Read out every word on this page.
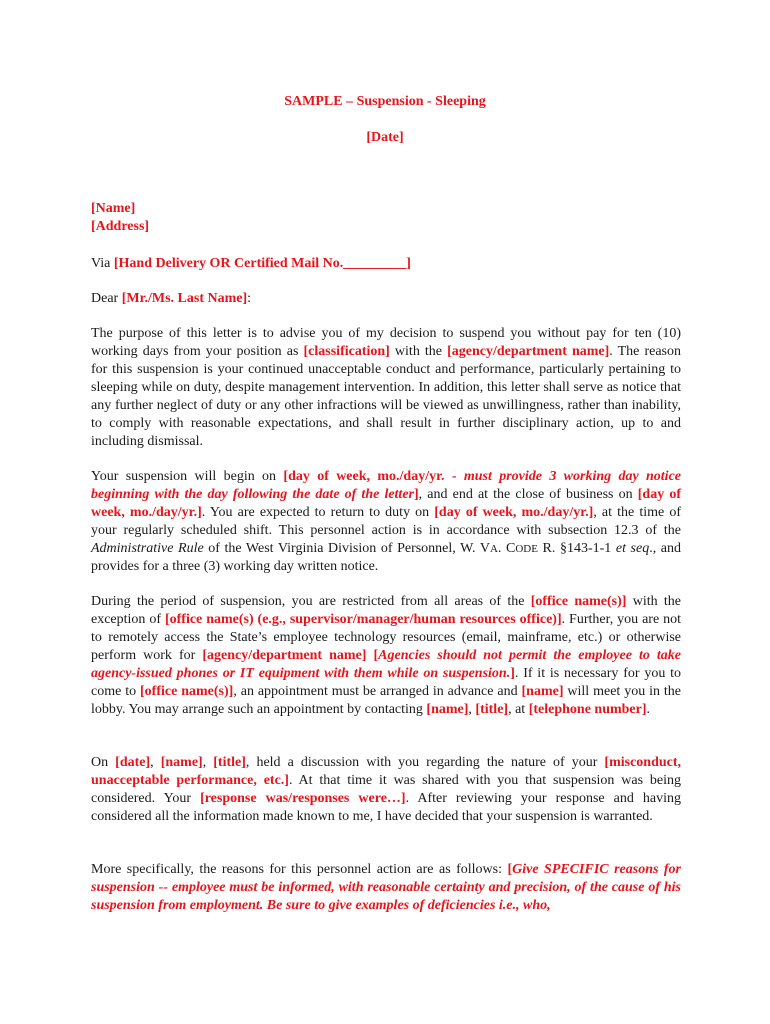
SAMPLE – Suspension - Sleeping
[Date]
[Name]
[Address]
Via [Hand Delivery OR Certified Mail No._________]
Dear [Mr./Ms. Last Name]:
The purpose of this letter is to advise you of my decision to suspend you without pay for ten (10) working days from your position as [classification] with the [agency/department name]. The reason for this suspension is your continued unacceptable conduct and performance, particularly pertaining to sleeping while on duty, despite management intervention. In addition, this letter shall serve as notice that any further neglect of duty or any other infractions will be viewed as unwillingness, rather than inability, to comply with reasonable expectations, and shall result in further disciplinary action, up to and including dismissal.
Your suspension will begin on [day of week, mo./day/yr. - must provide 3 working day notice beginning with the day following the date of the letter], and end at the close of business on [day of week, mo./day/yr.]. You are expected to return to duty on [day of week, mo./day/yr.], at the time of your regularly scheduled shift. This personnel action is in accordance with subsection 12.3 of the Administrative Rule of the West Virginia Division of Personnel, W. VA. CODE R. §143-1-1 et seq., and provides for a three (3) working day written notice.
During the period of suspension, you are restricted from all areas of the [office name(s)] with the exception of [office name(s) (e.g., supervisor/manager/human resources office)]. Further, you are not to remotely access the State’s employee technology resources (email, mainframe, etc.) or otherwise perform work for [agency/department name] [Agencies should not permit the employee to take agency-issued phones or IT equipment with them while on suspension.]. If it is necessary for you to come to [office name(s)], an appointment must be arranged in advance and [name] will meet you in the lobby. You may arrange such an appointment by contacting [name], [title], at [telephone number].
On [date], [name], [title], held a discussion with you regarding the nature of your [misconduct, unacceptable performance, etc.]. At that time it was shared with you that suspension was being considered. Your [response was/responses were…]. After reviewing your response and having considered all the information made known to me, I have decided that your suspension is warranted.
More specifically, the reasons for this personnel action are as follows: [Give SPECIFIC reasons for suspension -- employee must be informed, with reasonable certainty and precision, of the cause of his suspension from employment. Be sure to give examples of deficiencies i.e., who,
